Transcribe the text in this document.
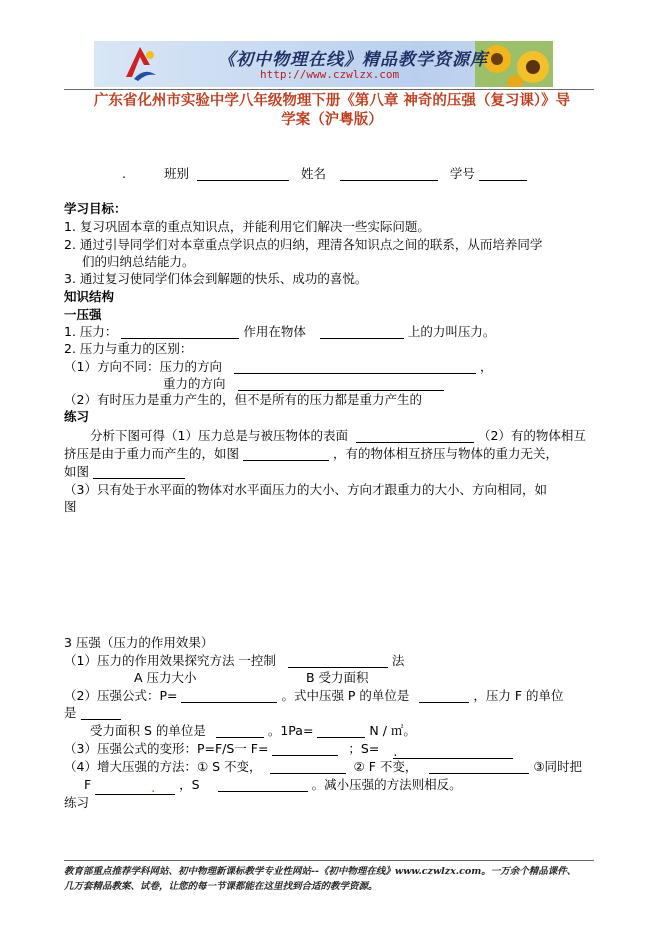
《初中物理在线》精品教学资源库
http://www.czwlzx.com
广东省化州市实验中学八年级物理下册《第八章 神奇的压强（复习课）》导
学案（沪粤版）
.	班别	姓名	学号
学习目标：
1. 复习巩固本章的重点知识点，并能利用它们解决一些实际问题。
2. 通过引导同学们对本章重点学识点的归纳，理清各知识点之间的联系，从而培养同学
们的归纳总结能力。
3. 通过复习使同学们体会到解题的快乐、成功的喜悦。
知识结构
一压强
1. 压力：	作用在物体	上的力叫压力。
2. 压力与重力的区别：
（1）方向不同：压力的方向	，
重力的方向
（2）有时压力是重力产生的，但不是所有的压力都是重力产生的
练习
分析下图可得（1）压力总是与被压物体的表面	（2）有的物体相互
挤压是由于重力而产生的，如图	，有的物体相互挤压与物体的重力无关，
如图
（3）只有处于水平面的物体对水平面压力的大小、方向才跟重力的大小、方向相同，如
图
3 压强（压力的作用效果）
（1）压力的作用效果探究方法 一控制	法
A 压力大小	B 受力面积
（2）压强公式：P=	。式中压强 P 的单位是	，压力 F 的单位
是
受力面积 S 的单位是	。1Pa=	N / ㎡。
（3）压强公式的变形：P=F/S一 F=	；S= .
（4）增大压强的方法：① S 不变，	② F 不变，	③同时把
F	. ，S	。减小压强的方法则相反。
练习
教育部重点推荐学科网站、初中物理新课标教学专业性网站--《初中物理在线》www.czwlzx.com。一万余个精品课件、
几万套精品教案、试卷，让您的每一节课都能在这里找到合适的教学资源。
